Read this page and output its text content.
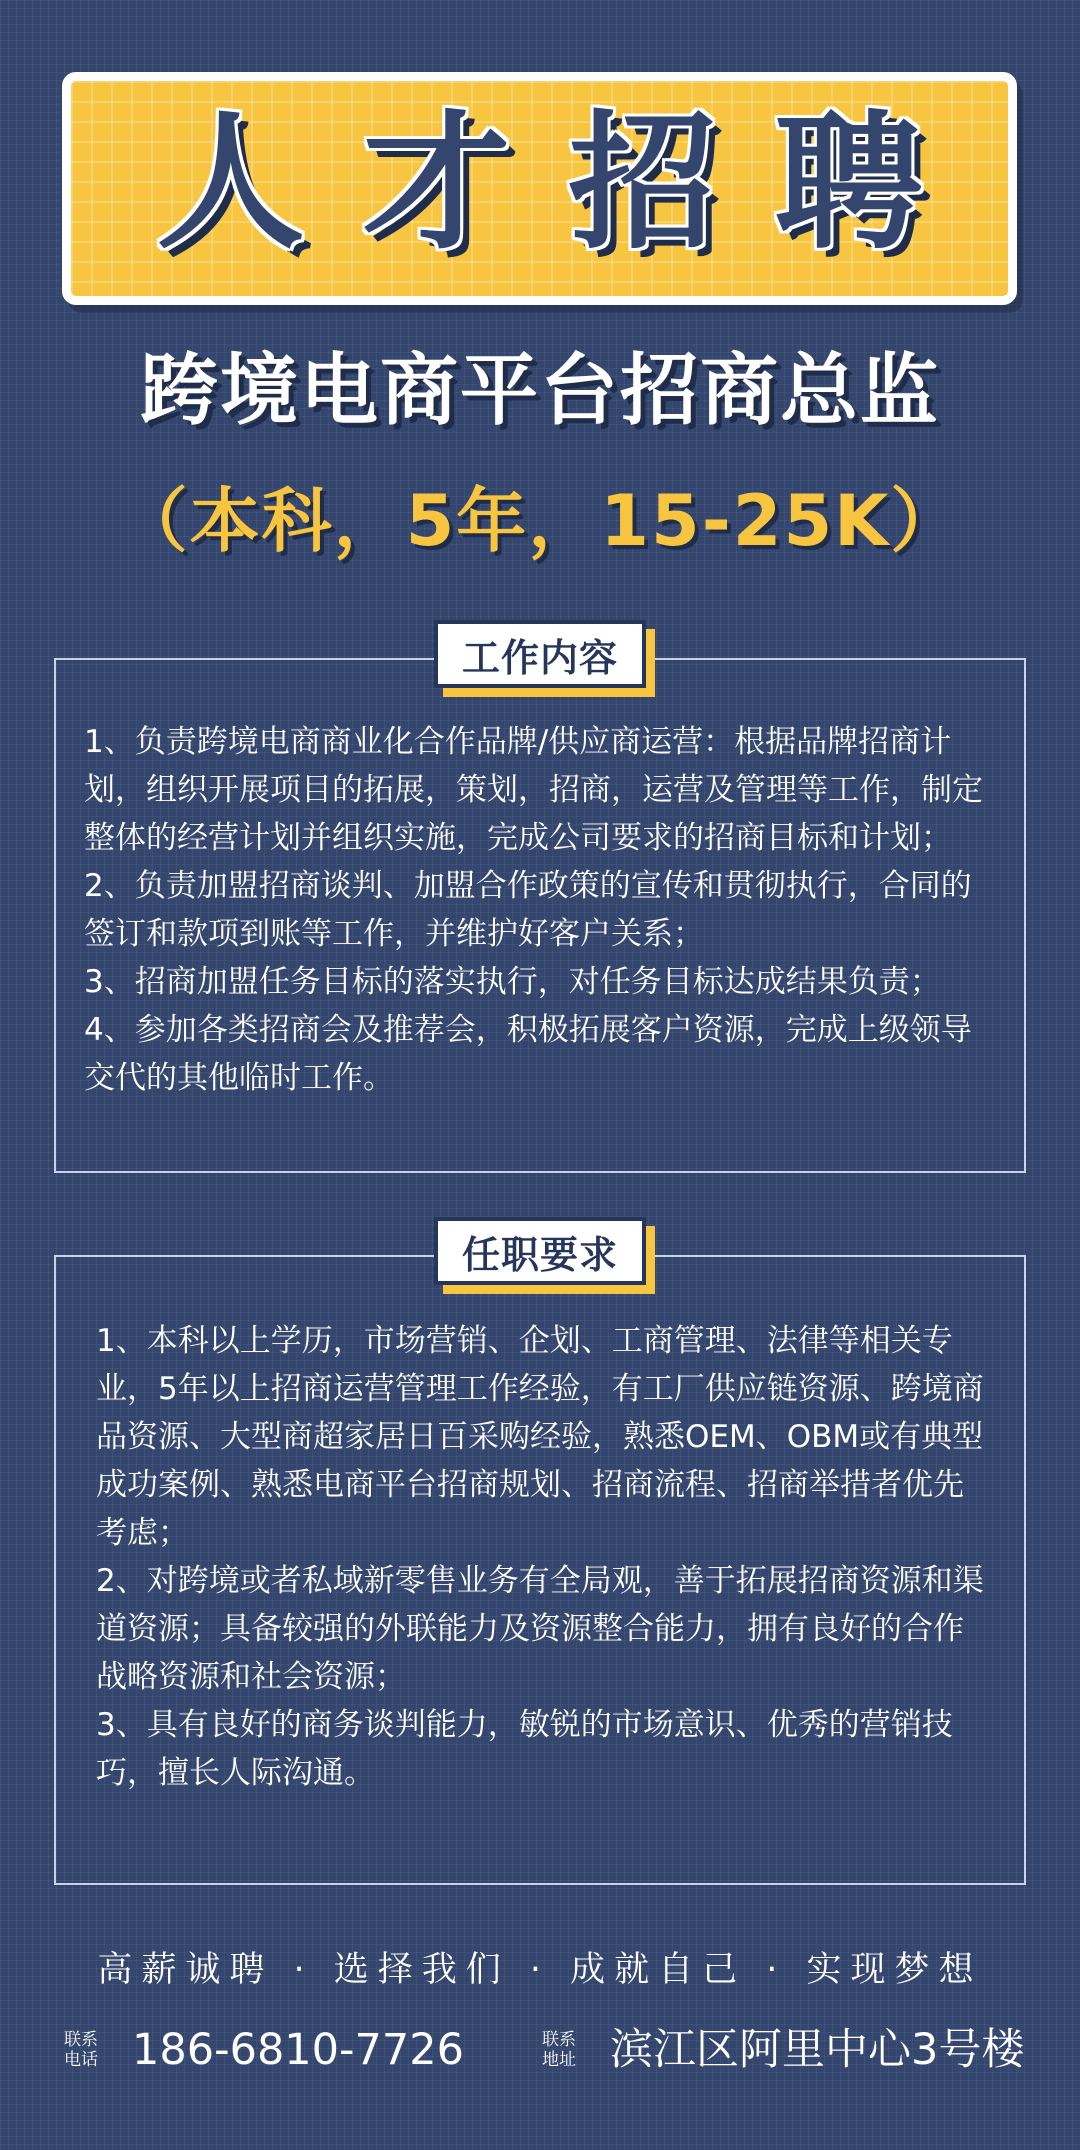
人才招聘
跨境电商平台招商总监
（本科，5年，15-25K）
工作内容

1、负责跨境电商商业化合作品牌/供应商运营：根据品牌招商计划，组织开展项目的拓展，策划，招商，运营及管理等工作，制定整体的经营计划并组织实施，完成公司要求的招商目标和计划；

2、负责加盟招商谈判、加盟合作政策的宣传和贯彻执行，合同的签订和款项到账等工作，并维护好客户关系；

3、招商加盟任务目标的落实执行，对任务目标达成结果负责；

4、参加各类招商会及推荐会，积极拓展客户资源，完成上级领导交代的其他临时工作。

任职要求

1、本科以上学历，市场营销、企划、工商管理、法律等相关专业，5年以上招商运营管理工作经验，有工厂供应链资源、跨境商品资源、大型商超家居日百采购经验，熟悉OEM、OBM或有典型成功案例、熟悉电商平台招商规划、招商流程、招商举措者优先考虑；

2、对跨境或者私域新零售业务有全局观，善于拓展招商资源和渠道资源；具备较强的外联能力及资源整合能力，拥有良好的合作战略资源和社会资源；

3、具有良好的商务谈判能力，敏锐的市场意识、优秀的营销技巧，擅长人际沟通。

高薪诚聘 · 选择我们 · 成就自己 · 实现梦想
联系
电话 186-6810-7726	联系
地址 滨江区阿里中心3号楼
